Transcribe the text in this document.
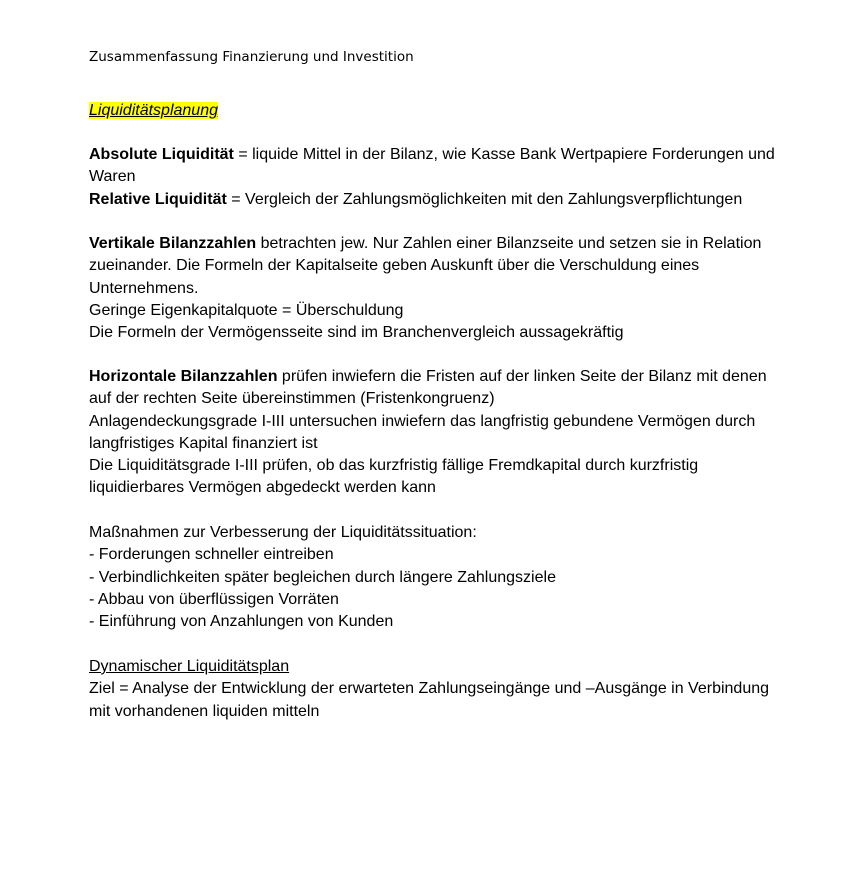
Zusammenfassung Finanzierung und Investition
Liquiditätsplanung

Absolute Liquidität = liquide Mittel in der Bilanz, wie Kasse Bank Wertpapiere Forderungen und Waren

Relative Liquidität = Vergleich der Zahlungsmöglichkeiten mit den Zahlungsverpflichtungen

Vertikale Bilanzzahlen betrachten jew. Nur Zahlen einer Bilanzseite und setzen sie in Relation zueinander. Die Formeln der Kapitalseite geben Auskunft über die Verschuldung eines Unternehmens.

Geringe Eigenkapitalquote = Überschuldung

Die Formeln der Vermögensseite sind im Branchenvergleich aussagekräftig

Horizontale Bilanzzahlen prüfen inwiefern die Fristen auf der linken Seite der Bilanz mit denen auf der rechten Seite übereinstimmen (Fristenkongruenz)

Anlagendeckungsgrade I-III untersuchen inwiefern das langfristig gebundene Vermögen durch langfristiges Kapital finanziert ist

Die Liquiditätsgrade I-III prüfen, ob das kurzfristig fällige Fremdkapital durch kurzfristig liquidierbares Vermögen abgedeckt werden kann

Maßnahmen zur Verbesserung der Liquiditätssituation:

- Forderungen schneller eintreiben

- Verbindlichkeiten später begleichen durch längere Zahlungsziele

- Abbau von überflüssigen Vorräten

- Einführung von Anzahlungen von Kunden

Dynamischer Liquiditätsplan

Ziel = Analyse der Entwicklung der erwarteten Zahlungseingänge und –Ausgänge in Verbindung mit vorhandenen liquiden mitteln
